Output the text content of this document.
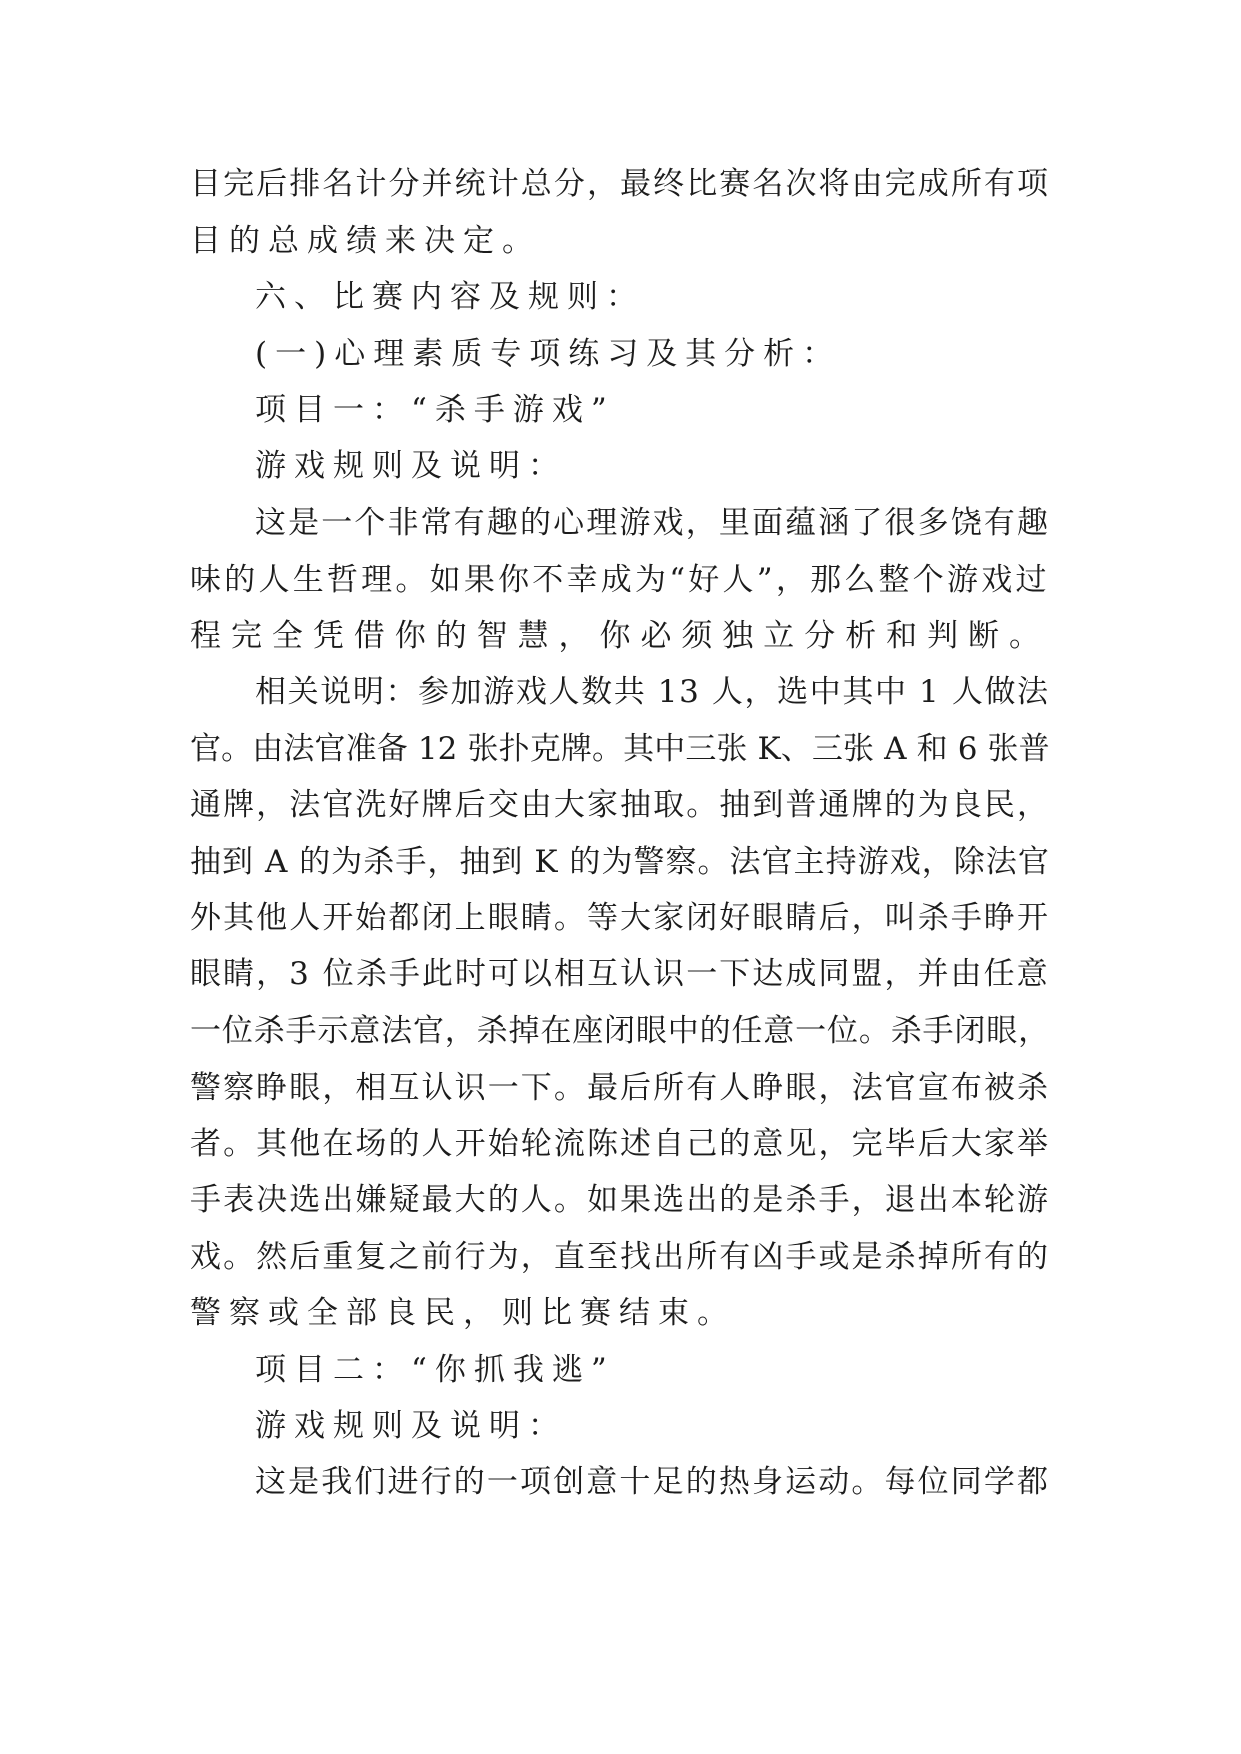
目完后排名计分并统计总分，最终比赛名次将由完成所有项
目的总成绩来决定。
六、比赛内容及规则：
(一)心理素质专项练习及其分析：
项目一：“杀手游戏”
游戏规则及说明：
这是一个非常有趣的心理游戏，里面蕴涵了很多饶有趣
味的人生哲理。如果你不幸成为“好人”，那么整个游戏过
程完全凭借你的智慧，你必须独立分析和判断。
相关说明：参加游戏人数共 13 人，选中其中 1 人做法
官。由法官准备 12 张扑克牌。其中三张 K、三张 A 和 6 张普
通牌，法官洗好牌后交由大家抽取。抽到普通牌的为良民，
抽到 A 的为杀手，抽到 K 的为警察。法官主持游戏，除法官
外其他人开始都闭上眼睛。等大家闭好眼睛后，叫杀手睁开
眼睛，3 位杀手此时可以相互认识一下达成同盟，并由任意
一位杀手示意法官，杀掉在座闭眼中的任意一位。杀手闭眼，
警察睁眼，相互认识一下。最后所有人睁眼，法官宣布被杀
者。其他在场的人开始轮流陈述自己的意见，完毕后大家举
手表决选出嫌疑最大的人。如果选出的是杀手，退出本轮游
戏。然后重复之前行为，直至找出所有凶手或是杀掉所有的
警察或全部良民，则比赛结束。
项目二：“你抓我逃”
游戏规则及说明：
这是我们进行的一项创意十足的热身运动。每位同学都
